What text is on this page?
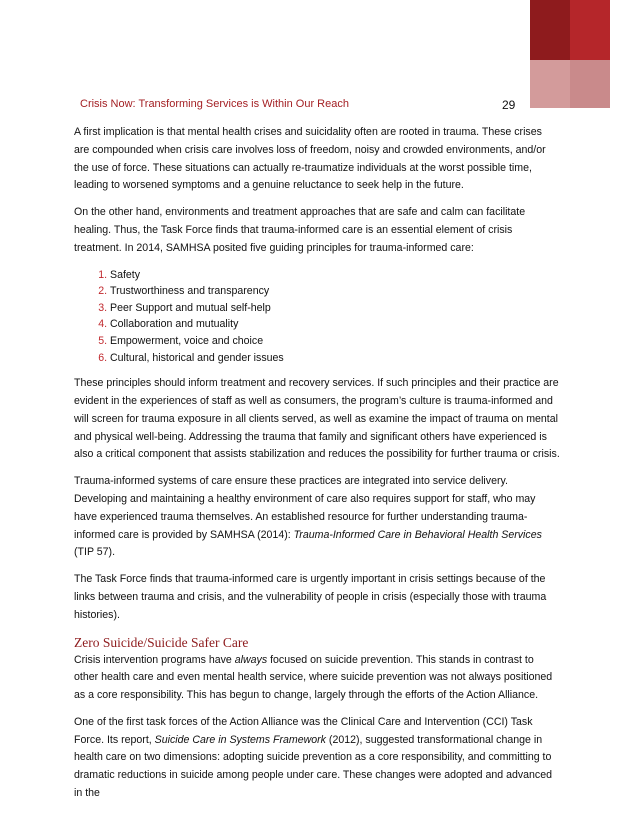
Crisis Now: Transforming Services is Within Our Reach	29

A first implication is that mental health crises and suicidality often are rooted in trauma. These crises are compounded when crisis care involves loss of freedom, noisy and crowded environments, and/or the use of force. These situations can actually re-traumatize individuals at the worst possible time, leading to worsened symptoms and a genuine reluctance to seek help in the future.

On the other hand, environments and treatment approaches that are safe and calm can facilitate healing. Thus, the Task Force finds that trauma-informed care is an essential element of crisis treatment. In 2014, SAMHSA posited five guiding principles for trauma-informed care:

1. Safety
2. Trustworthiness and transparency
3. Peer Support and mutual self-help
4. Collaboration and mutuality
5. Empowerment, voice and choice
6. Cultural, historical and gender issues

These principles should inform treatment and recovery services. If such principles and their practice are evident in the experiences of staff as well as consumers, the program’s culture is trauma-informed and will screen for trauma exposure in all clients served, as well as examine the impact of trauma on mental and physical well-being. Addressing the trauma that family and significant others have experienced is also a critical component that assists stabilization and reduces the possibility for further trauma or crisis.

Trauma-informed systems of care ensure these practices are integrated into service delivery. Developing and maintaining a healthy environment of care also requires support for staff, who may have experienced trauma themselves. An established resource for further understanding trauma-informed care is provided by SAMHSA (2014): Trauma-Informed Care in Behavioral Health Services (TIP 57).

The Task Force finds that trauma-informed care is urgently important in crisis settings because of the links between trauma and crisis, and the vulnerability of people in crisis (especially those with trauma histories).

Zero Suicide/Suicide Safer Care

Crisis intervention programs have always focused on suicide prevention. This stands in contrast to other health care and even mental health service, where suicide prevention was not always positioned as a core responsibility. This has begun to change, largely through the efforts of the Action Alliance.

One of the first task forces of the Action Alliance was the Clinical Care and Intervention (CCI) Task Force. Its report, Suicide Care in Systems Framework (2012), suggested transformational change in health care on two dimensions: adopting suicide prevention as a core responsibility, and committing to dramatic reductions in suicide among people under care. These changes were adopted and advanced in the
